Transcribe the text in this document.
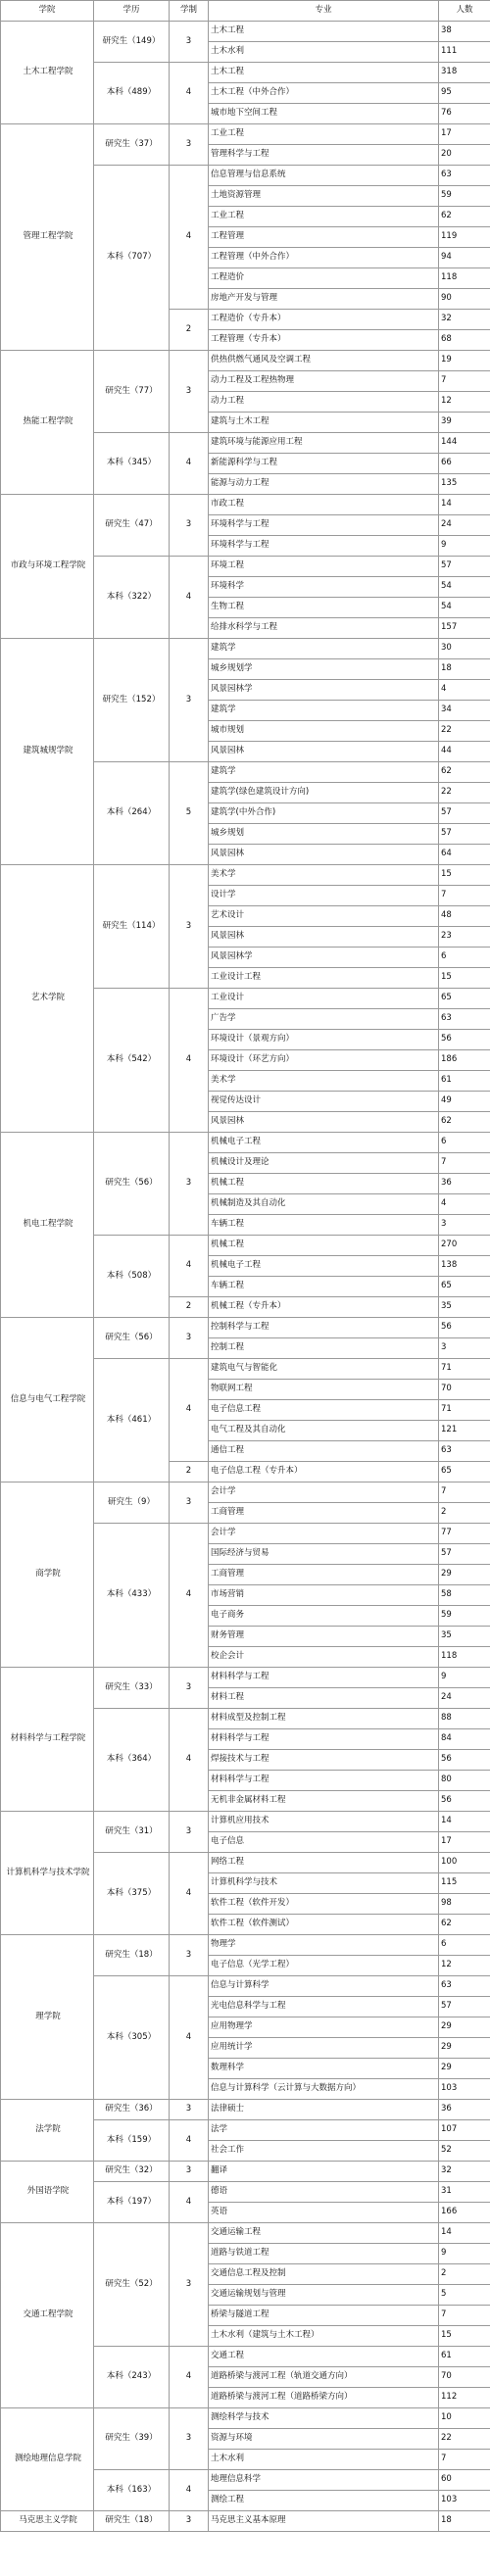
学院	学历	学制	专业	人数
土木工程学院	研究生（149）	3	土木工程	38
			土木水利	111
	本科（489）	4	土木工程	318
			土木工程（中外合作）	95
			城市地下空间工程	76
管理工程学院	研究生（37）	3	工业工程	17
			管理科学与工程	20
	本科（707）	4	信息管理与信息系统	63
			土地资源管理	59
			工业工程	62
			工程管理	119
			工程管理（中外合作）	94
			工程造价	118
			房地产开发与管理	90
		2	工程造价（专升本）	32
			工程管理（专升本）	68
热能工程学院	研究生（77）	3	供热供燃气通风及空调工程	19
			动力工程及工程热物理	7
			动力工程	12
			建筑与土木工程	39
	本科（345）	4	建筑环境与能源应用工程	144
			新能源科学与工程	66
			能源与动力工程	135
市政与环境工程学院	研究生（47）	3	市政工程	14
			环境科学与工程	24
			环境科学与工程	9
	本科（322）	4	环境工程	57
			环境科学	54
			生物工程	54
			给排水科学与工程	157
建筑城规学院	研究生（152）	3	建筑学	30
			城乡规划学	18
			风景园林学	4
			建筑学	34
			城市规划	22
			风景园林	44
	本科（264）	5	建筑学	62
			建筑学(绿色建筑设计方向)	22
			建筑学(中外合作)	57
			城乡规划	57
			风景园林	64
艺术学院	研究生（114）	3	美术学	15
			设计学	7
			艺术设计	48
			风景园林	23
			风景园林学	6
			工业设计工程	15
	本科（542）	4	工业设计	65
			广告学	63
			环境设计（景观方向）	56
			环境设计（环艺方向）	186
			美术学	61
			视觉传达设计	49
			风景园林	62
机电工程学院	研究生（56）	3	机械电子工程	6
			机械设计及理论	7
			机械工程	36
			机械制造及其自动化	4
			车辆工程	3
	本科（508）	4	机械工程	270
			机械电子工程	138
			车辆工程	65
		2	机械工程（专升本）	35
信息与电气工程学院	研究生（56）	3	控制科学与工程	56
			控制工程	3
	本科（461）	4	建筑电气与智能化	71
			物联网工程	70
			电子信息工程	71
			电气工程及其自动化	121
			通信工程	63
		2	电子信息工程（专升本）	65
商学院	研究生（9）	3	会计学	7
			工商管理	2
	本科（433）	4	会计学	77
			国际经济与贸易	57
			工商管理	29
			市场营销	58
			电子商务	59
			财务管理	35
			校企会计	118
材料科学与工程学院	研究生（33）	3	材料科学与工程	9
			材料工程	24
	本科（364）	4	材料成型及控制工程	88
			材料科学与工程	84
			焊接技术与工程	56
			材料科学与工程	80
			无机非金属材料工程	56
计算机科学与技术学院	研究生（31）	3	计算机应用技术	14
			电子信息	17
	本科（375）	4	网络工程	100
			计算机科学与技术	115
			软件工程（软件开发）	98
			软件工程（软件测试）	62
理学院	研究生（18）	3	物理学	6
			电子信息（光学工程）	12
	本科（305）	4	信息与计算科学	63
			光电信息科学与工程	57
			应用物理学	29
			应用统计学	29
			数理科学	29
			信息与计算科学（云计算与大数据方向）	103
法学院	研究生（36）	3	法律硕士	36
	本科（159）	4	法学	107
			社会工作	52
外国语学院	研究生（32）	3	翻译	32
	本科（197）	4	德语	31
			英语	166
交通工程学院	研究生（52）	3	交通运输工程	14
			道路与铁道工程	9
			交通信息工程及控制	2
			交通运输规划与管理	5
			桥梁与隧道工程	7
			土木水利（建筑与土木工程）	15
	本科（243）	4	交通工程	61
			道路桥梁与渡河工程（轨道交通方向）	70
			道路桥梁与渡河工程（道路桥梁方向）	112
测绘地理信息学院	研究生（39）	3	测绘科学与技术	10
			资源与环境	22
			土木水利	7
	本科（163）	4	地理信息科学	60
			测绘工程	103
马克思主义学院	研究生（18）	3	马克思主义基本原理	18
